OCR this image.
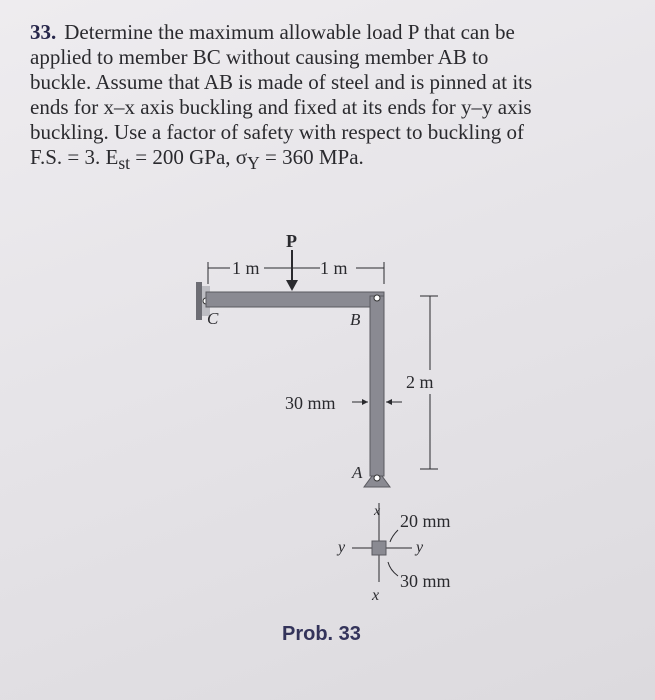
33. Determine the maximum allowable load P that can be
applied to member BC without causing member AB to
buckle. Assume that AB is made of steel and is pinned at its
ends for x–x axis buckling and fixed at its ends for y–y axis
buckling. Use a factor of safety with respect to buckling of
F.S. = 3. $E_{st} = 200$ GPa, $\sigma_Y = 360$ MPa.
P
1 m	1 m
C	B
A
2 m
30 mm
x
x
y	y
20 mm
30 mm
Prob. 33
